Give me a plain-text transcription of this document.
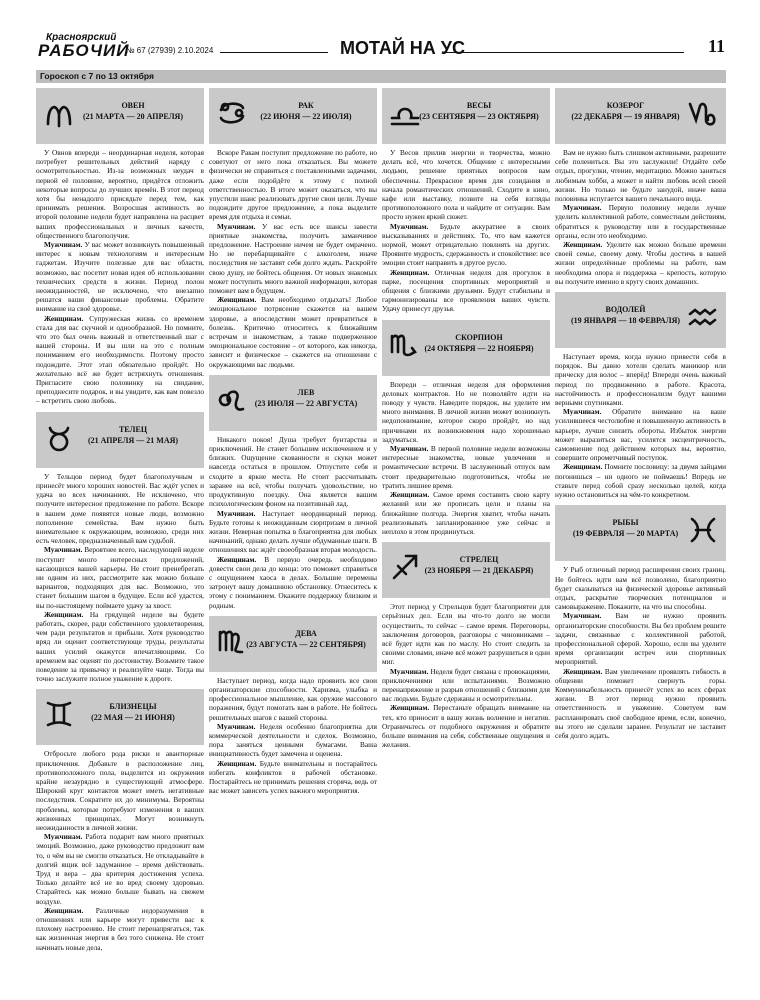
Красноярский
РАБОЧИЙ
№ 67 (27939) 2.10.2024	МОТАЙ НА УС	11
Гороскоп с 7 по 13 октября
ОВЕН
(21 МАРТА — 20 АПРЕЛЯ)

У Овнов впереди – неординарная неделя, которая потребует решительных действий наряду с осмотрительностью. Из-за возможных неудач в первой её половине, вероятно, придётся отложить некоторые вопросы до лучших времён. В этот период хотя бы ненадолго присядьте перед тем, как принимать решения. Возросшая активность во второй половине недели будет направлена на расцвет ваших профессиональных и личных качеств, общественного благополучия.

Мужчинам. У вас может возникнуть повышенный интерес к новым технологиям и интересным гаджетам. Изучите полезные для вас области, возможно, вас посетит новая идея об использовании технических средств в жизни. Период полон неожиданностей, не исключено, что внезапно решатся ваши финансовые проблемы. Обратите внимание на своё здоровье.

Женщинам. Супружеская жизнь со временем стала для вас скучной и однообразной. Но помните, что это был очень важный и ответственный шаг с вашей стороны. И вы шли на это с полным пониманием его необходимости. Поэтому просто подождите. Этот этап обязательно пройдёт. Но желательно всё же будет встряхнуть отношения. Пригласите свою половинку на свидание, преподнесите подарок, и вы увидите, как вам повезло – встретить свою любовь.

ТЕЛЕЦ
(21 АПРЕЛЯ — 21 МАЯ)

У Тельцов период будет благополучным и принесёт много хороших новостей. Вас ждёт успех и удача во всех начинаниях. Не исключено, что получите интересное предложение по работе. Вскоре в вашем доме появятся новые люди, возможно пополнение семейства. Вам нужно быть внимательнее к окружающим, возможно, среди них есть человек, предназначенный вам судьбой.

Мужчинам. Вероятнее всего, наследующей неделе поступит много интересных предложений, касающихся вашей карьеры. Не стоит пренебрегать ни одним из них, рассмотрите как можно больше вариантов, подходящих для вас. Возможно, это станет большим шагом в будущее. Если всё удастся, вы по-настоящему поймаете удачу за хвост.

Женщинам. На грядущей неделе вы будете работать, скорее, ради собственного удовлетворения, чем ради результатов и прибыли. Хотя руководство вряд ли оценит соответствующе труды, результаты ваших усилий окажутся впечатляющими. Со временем вас оценят по достоинству. Возьмите такое поведение за привычку и реализуйте чаще. Тогда вы точно заслужите полное уважение к дороге.

БЛИЗНЕЦЫ
(22 МАЯ — 21 ИЮНЯ)

Отбросьте любого рода риски и авантюрные приключения. Добавьте в расположение лиц, противоположного пола, выделится из окружения крайне незаурядно в существующей атмосфере. Широкий круг контактов может иметь негативные последствия. Сократите их до минимума. Вероятны проблемы, которые потребуют изменения в ваших жизненных принципах. Могут возникнуть неожиданности в личной жизни.

Мужчинам. Работа подарит вам много приятных эмоций. Возможно, даже руководство предложит вам то, о чём вы не смогли отказаться. Не откладывайте в долгий ящик всё задуманное – время действовать. Труд и вера – два критерия достижения успеха. Только делайте всё не во вред своему здоровью. Старайтесь как можно больше бывать на свежем воздухе.

Женщинам. Различные недоразумения в отношениях или карьере могут привести вас к плохому настроению. Не стоит перенапрягаться, так как жизненная энергия в без того снижена. Не стоит начинать новые дела,

РАК
(22 ИЮНЯ — 22 ИЮЛЯ)

Вскоре Ракам поступит предложение по работе, но советуют от него пока отказаться. Вы можете физически не справиться с поставленными задачами, даже если подойдёте к этому с полной ответственностью. В итоге может оказаться, что вы упустили шанс реализовать другие свои цели. Лучше подождите другое предложение, а пока выделите время для отдыха и семьи.

Мужчинам. У вас есть все шансы завести приятные знакомства, получить заманчивое предложение. Настроение ничем не будет омрачено. Но не перебарщивайте с алкоголем, иначе последствия не заставят себя долго ждать. Раскройте свою душу, не бойтесь общения. От новых знакомых может поступить много важной информации, которая поможет вам в будущем.

Женщинам. Вам необходимо отдыхать! Любое эмоциональное потрясение скажется на вашем здоровье, а впоследствии может превратиться в болезнь. Критично относитесь к ближайшим встречам и знакомствам, а также подверженное эмоциональное состояние – от которого, как никогда, зависит и физическое – скажется на отношении с окружающими вас людьми.

ЛЕВ
(23 ИЮЛЯ — 22 АВГУСТА)

Никакого покоя! Душа требует бунтарства и приключений. Не станет большим исключением и у близких. Ощущение скованности и скуки может навсегда остаться в прошлом. Отпустите себя и сходите в яркие места. Не стоит рассчитывать заранее на всё, чтобы получать удовольствие, но продуктивную поездку. Она является вашим психологическим фоном на позитивный лад.

Мужчинам. Наступает неординарный период. Будьте готовы к неожиданным сюрпризам в личной жизни. Неверная попытка в благоприятна для любых начинаний, однако делать лучше обдуманные шаги. В отношениях вас ждёт своеобразная вторая молодость.

Женщинам. В первую очередь необходимо довести свои дела до конца: это поможет справиться с ощущением хаоса в делах. Большие перемены затронут вашу домашнюю обстановку. Отнеситесь к этому с пониманием. Окажите поддержку близким и родным.

ДЕВА
(23 АВГУСТА — 22 СЕНТЯБРЯ)

Наступает период, когда надо проявить все свои организаторские способности. Харизма, улыбка и профессиональное мышление, как оружие массового поражения, будут помогать вам в работе. Не бойтесь решительных шагов с вашей стороны.

Мужчинам. Неделя особенно благоприятна для коммерческой деятельности и сделок. Возможно, пора заняться ценными бумагами. Ваша инициативность будет замечена и оценена.

Женщинам. Будьте внимательны и постарайтесь избегать конфликтов в рабочей обстановке. Постарайтесь не принимать решения сгоряча, ведь от вас может зависеть успех важного мероприятия.

ВЕСЫ
(23 СЕНТЯБРЯ — 23 ОКТЯБРЯ)

У Весов прилив энергии и творчества, можно делать всё, что хочется. Общение с интересными людьми, решение приятных вопросов вам обеспечены. Прекрасное время для созидания и начала романтических отношений. Сходите в кино, кафе или выставку, позвите на себя взгляды противоположного пола и найдите от ситуации. Вам просто нужен яркий сюжет.

Мужчинам. Будьте аккуратнее в своих высказываниях и действиях. То, что вам кажется нормой, может отрицательно повлиять на других. Проявите мудрость, сдержанность и спокойствие: все эмоции стоит направить в другое русло.

Женщинам. Отличная неделя для прогулок в парке, посещения спортивных мероприятий и общения с близкими друзьями. Будут стабильны и гармонизированы все проявления ваших чувств. Удачу принесут друзья.

СКОРПИОН
(24 ОКТЯБРЯ — 22 НОЯБРЯ)

Впереди – отличная неделя для оформления деловых контрактов. Но не позволяйте идти на поводу у чувств. Наведите порядок, вы удели́те им много внимания. В личной жизни может возникнуть недопонимание, которое скоро пройдёт, но над причинами их возникновения надо хорошенько задуматься.

Мужчинам. В первой половине недели возможны интересные знакомства, новые увлечения и романтические встречи. В заслуженный отпуск вам стоит предварительно подготовиться, чтобы не тратить лишнее время.

Женщинам. Самое время составить свою карту желаний или же прописать цели и планы на ближайшие полгода. Энергия хватит, чтобы начать реализовывать запланированное уже сейчас и неплохо в этом продвинуться.

СТРЕЛЕЦ
(23 НОЯБРЯ — 21 ДЕКАБРЯ)

Этот период у Стрельцов будет благоприятен для серьёзных дел. Если вы что-то долго не могли осуществить, то сейчас – самое время. Переговоры, заключения договоров, разговоры с чиновниками – всё будет идти как по маслу. Но стоит следить за своими словами, иначе всё может разрушиться в одни миг.

Мужчинам. Неделя будет связана с провокациями, приключениями или испытаниями. Возможно перенапряжение и разрыв отношений с близкими для вас людьми. Будьте сдержаны и осмотрительны.

Женщинам. Перестаньте обращать внимание на тех, кто приносит в вашу жизнь волнение и негатив. Ограничьтесь от подобного окружения и обратите больше внимания на себя, собственные ощущения и желания.

КОЗЕРОГ
(22 ДЕКАБРЯ — 19 ЯНВАРЯ)

Вам не нужно быть слишком активными, разрешите себе полениться. Вы это заслужили! Отдайте себе отдых, прогулки, чтение, медитацию. Можно заняться любимым хобби, а может и найти любовь всей своей жизни. Но только не будьте занудой, иначе ваша половинка испугается вашего печального вида.

Мужчинам. Первую половину недели лучше уделить коллективной работе, совместным действиям, обратиться к руководству или в государственные органы, если это необходимо.

Женщинам. Уделите как можно больше времени своей семье, своему дому. Чтобы достичь в вашей жизни определённые проблемы на работе, вам необходима опора и поддержка – крепость, которую вы получите именно в кругу своих домашних.

ВОДОЛЕЙ
(19 ЯНВАРЯ — 18 ФЕВРАЛЯ)

Наступает время, когда нужно привести себя в порядок. Вы давно хотели сделать маникюр или прическу для волос – вперёд! Впереди очень важный период по продвижению в работе. Красота, настойчивость и профессионализм будут вашими верными спутниками.

Мужчинам. Обратите внимание на ваше усилившееся честолюбие и повышенную активность в карьере, лучше снизить обороты. Избыток энергии может выразиться вас, усилятся эксцентричность, самомнение под действием которых вы, вероятно, совершите опрометчивый поступок.

Женщинам. Помните пословицу: за двумя зайцами погонишься – ни одного не поймаешь! Впредь не ставьте перед собой сразу несколько целей, когда нужно остановиться на чём-то конкретном.

РЫБЫ
(19 ФЕВРАЛЯ — 20 МАРТА)

У Рыб отличный период расширения своих границ. Не бойтесь идти вам всё позволено, благоприятно будет сказываться на физической здоровье активный отдых, раскрытие творческих потенциалов и самовыражение. Покажите, на что вы способны.

Мужчинам. Вам не нужно проявить организаторские способности. Вы без проблем решите задачи, связанные с коллективной работой, профессиональной сферой. Хорошо, если вы уделите время организации встреч или спортивных мероприятий.

Женщинам. Вам увеличение проявлять гибкость в общении поможет свернуть горы. Коммуникабельность принесёт успех во всех сферах жизни. В этот период нужно проявить ответственность и уважение. Советуем вам распланировать своё свободное время, если, конечно, вы этого не сделали заранее. Результат не заставит себя долго ждать.
